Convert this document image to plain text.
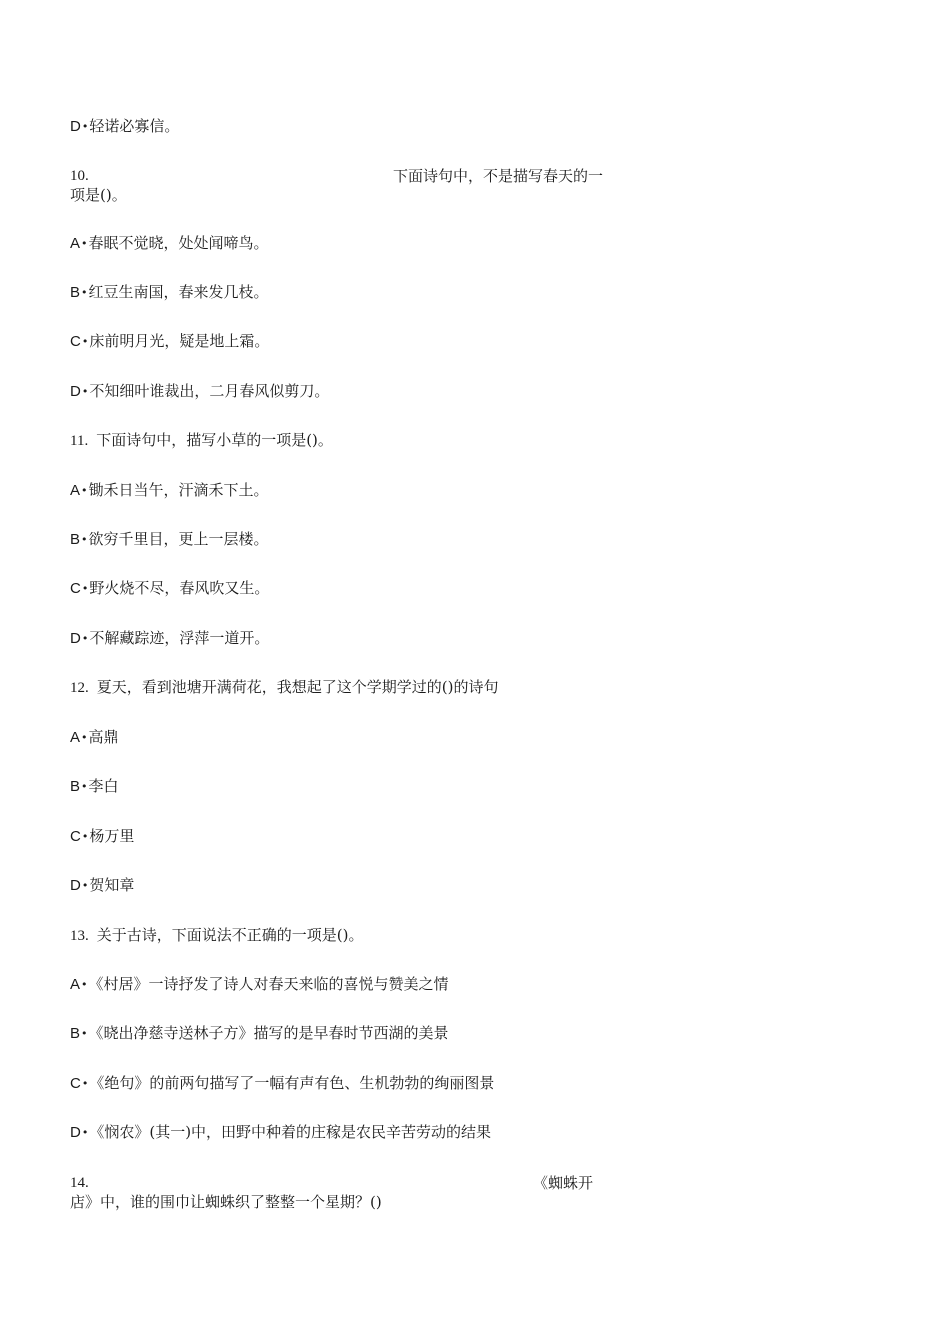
D•轻诺必寡信。
10.	下面诗句中，不是描写春天的一
项是()。
A•春眠不觉晓，处处闻啼鸟。
B•红豆生南国，春来发几枝。
C•床前明月光，疑是地上霜。
D•不知细叶谁裁出，二月春风似剪刀。
11. 下面诗句中，描写小草的一项是()。
A•锄禾日当午，汗滴禾下土。
B•欲穷千里目，更上一层楼。
C•野火烧不尽，春风吹又生。
D•不解藏踪迹，浮萍一道开。
12. 夏天，看到池塘开满荷花，我想起了这个学期学过的()的诗句
A•高鼎
B•李白
C•杨万里
D•贺知章
13. 关于古诗，下面说法不正确的一项是()。
A•《村居》一诗抒发了诗人对春天来临的喜悦与赞美之情
B•《晓出净慈寺送林子方》描写的是早春时节西湖的美景
C•《绝句》的前两句描写了一幅有声有色、生机勃勃的绚丽图景
D•《悯农》(其一)中，田野中种着的庄稼是农民辛苦劳动的结果
14.	《蜘蛛开
店》中，谁的围巾让蜘蛛织了整整一个星期？()
